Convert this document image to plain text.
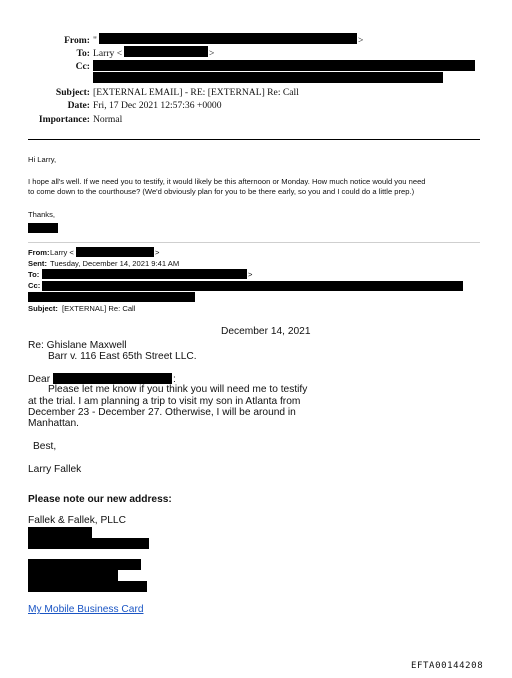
From: "	>
To: Larry <	>
Cc:
Subject: [EXTERNAL EMAIL] - RE: [EXTERNAL] Re: Call
Date: Fri, 17 Dec 2021 12:57:36 +0000
Importance: Normal
Hi Larry,
I hope all's well. If we need you to testify, it would likely be this afternoon or Monday. How much notice would you need
to come down to the courthouse? (We'd obviously plan for you to be there early, so you and I could do a little prep.)
Thanks,
From: Larry <	>
Sent: Tuesday, December 14, 2021 9:41 AM
To:	>
Cc:
Subject: [EXTERNAL] Re: Call
December 14, 2021
Re: Ghislane Maxwell
Barr v. 116 East 65th Street LLC.
Dear	:
Please let me know if you think you will need me to testify
at the trial. I am planning a trip to visit my son in Atlanta from
December 23 - December 27. Otherwise, I will be around in
Manhattan.
Best,
Larry Fallek
Please note our new address:
Fallek & Fallek, PLLC
My Mobile Business Card
EFTA00144208
